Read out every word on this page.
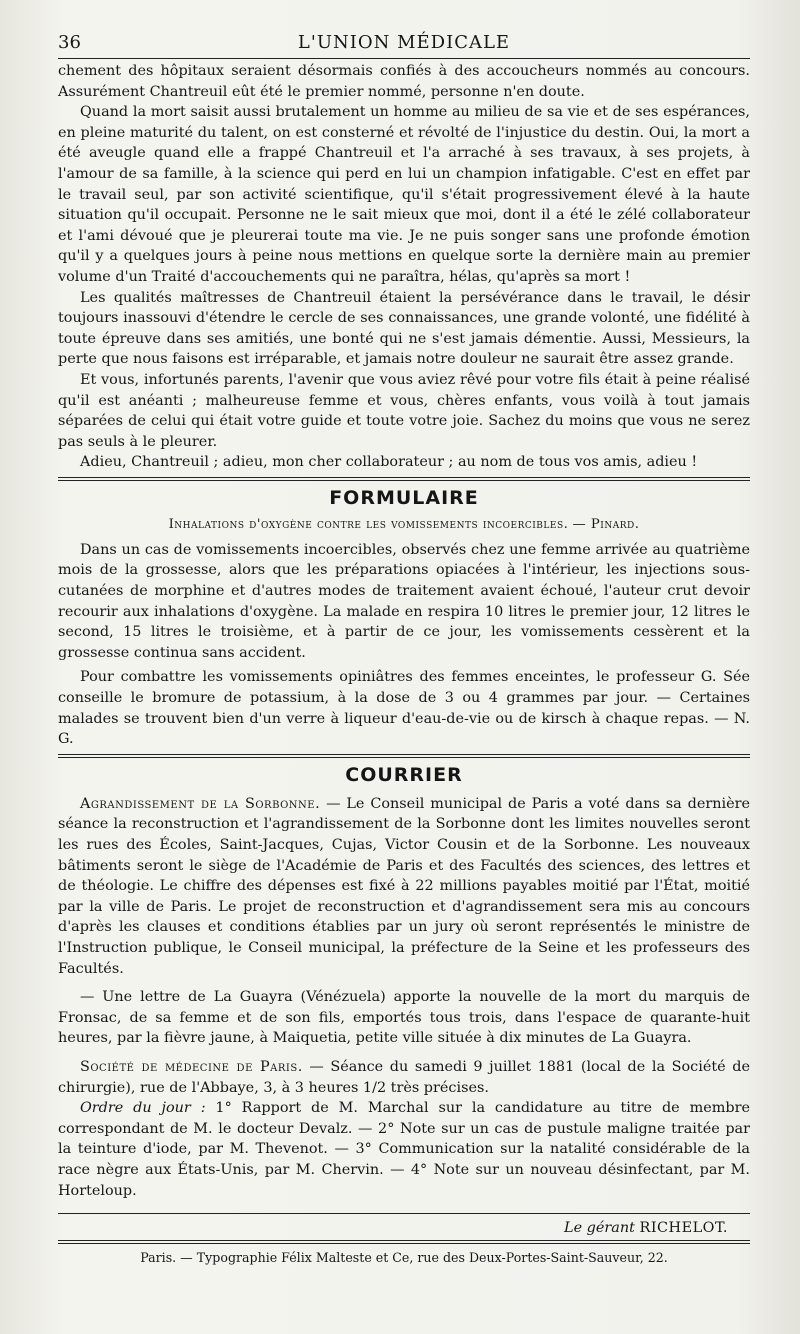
36	L'UNION MÉDICALE

chement des hôpitaux seraient désormais confiés à des accoucheurs nommés au concours. Assurément Chantreuil eût été le premier nommé, personne n'en doute.

Quand la mort saisit aussi brutalement un homme au milieu de sa vie et de ses espérances, en pleine maturité du talent, on est consterné et révolté de l'injustice du destin. Oui, la mort a été aveugle quand elle a frappé Chantreuil et l'a arraché à ses travaux, à ses projets, à l'amour de sa famille, à la science qui perd en lui un champion infatigable. C'est en effet par le travail seul, par son activité scientifique, qu'il s'était progressivement élevé à la haute situation qu'il occupait. Personne ne le sait mieux que moi, dont il a été le zélé collaborateur et l'ami dévoué que je pleurerai toute ma vie. Je ne puis songer sans une profonde émotion qu'il y a quelques jours à peine nous mettions en quelque sorte la dernière main au premier volume d'un Traité d'accouchements qui ne paraîtra, hélas, qu'après sa mort !

Les qualités maîtresses de Chantreuil étaient la persévérance dans le travail, le désir toujours inassouvi d'étendre le cercle de ses connaissances, une grande volonté, une fidélité à toute épreuve dans ses amitiés, une bonté qui ne s'est jamais démentie. Aussi, Messieurs, la perte que nous faisons est irréparable, et jamais notre douleur ne saurait être assez grande.

Et vous, infortunés parents, l'avenir que vous aviez rêvé pour votre fils était à peine réalisé qu'il est anéanti ; malheureuse femme et vous, chères enfants, vous voilà à tout jamais séparées de celui qui était votre guide et toute votre joie. Sachez du moins que vous ne serez pas seuls à le pleurer.

Adieu, Chantreuil ; adieu, mon cher collaborateur ; au nom de tous vos amis, adieu !

FORMULAIRE
Inhalations d'oxygène contre les vomissements incoercibles. — Pinard.

Dans un cas de vomissements incoercibles, observés chez une femme arrivée au quatrième mois de la grossesse, alors que les préparations opiacées à l'intérieur, les injections sous-cutanées de morphine et d'autres modes de traitement avaient échoué, l'auteur crut devoir recourir aux inhalations d'oxygène. La malade en respira 10 litres le premier jour, 12 litres le second, 15 litres le troisième, et à partir de ce jour, les vomissements cessèrent et la grossesse continua sans accident.

Pour combattre les vomissements opiniâtres des femmes enceintes, le professeur G. Sée conseille le bromure de potassium, à la dose de 3 ou 4 grammes par jour. — Certaines malades se trouvent bien d'un verre à liqueur d'eau-de-vie ou de kirsch à chaque repas. — N. G.

COURRIER

Agrandissement de la Sorbonne. — Le Conseil municipal de Paris a voté dans sa dernière séance la reconstruction et l'agrandissement de la Sorbonne dont les limites nouvelles seront les rues des Écoles, Saint-Jacques, Cujas, Victor Cousin et de la Sorbonne. Les nouveaux bâtiments seront le siège de l'Académie de Paris et des Facultés des sciences, des lettres et de théologie. Le chiffre des dépenses est fixé à 22 millions payables moitié par l'État, moitié par la ville de Paris. Le projet de reconstruction et d'agrandissement sera mis au concours d'après les clauses et conditions établies par un jury où seront représentés le ministre de l'Instruction publique, le Conseil municipal, la préfecture de la Seine et les professeurs des Facultés.

— Une lettre de La Guayra (Vénézuela) apporte la nouvelle de la mort du marquis de Fronsac, de sa femme et de son fils, emportés tous trois, dans l'espace de quarante-huit heures, par la fièvre jaune, à Maiquetia, petite ville située à dix minutes de La Guayra.

Société de médecine de Paris. — Séance du samedi 9 juillet 1881 (local de la Société de chirurgie), rue de l'Abbaye, 3, à 3 heures 1/2 très précises.

Ordre du jour : 1° Rapport de M. Marchal sur la candidature au titre de membre correspondant de M. le docteur Devalz. — 2° Note sur un cas de pustule maligne traitée par la teinture d'iode, par M. Thevenot. — 3° Communication sur la natalité considérable de la race nègre aux États-Unis, par M. Chervin. — 4° Note sur un nouveau désinfectant, par M. Horteloup.

Le gérant RICHELOT.
Paris. — Typographie Félix Malteste et Ce, rue des Deux-Portes-Saint-Sauveur, 22.
